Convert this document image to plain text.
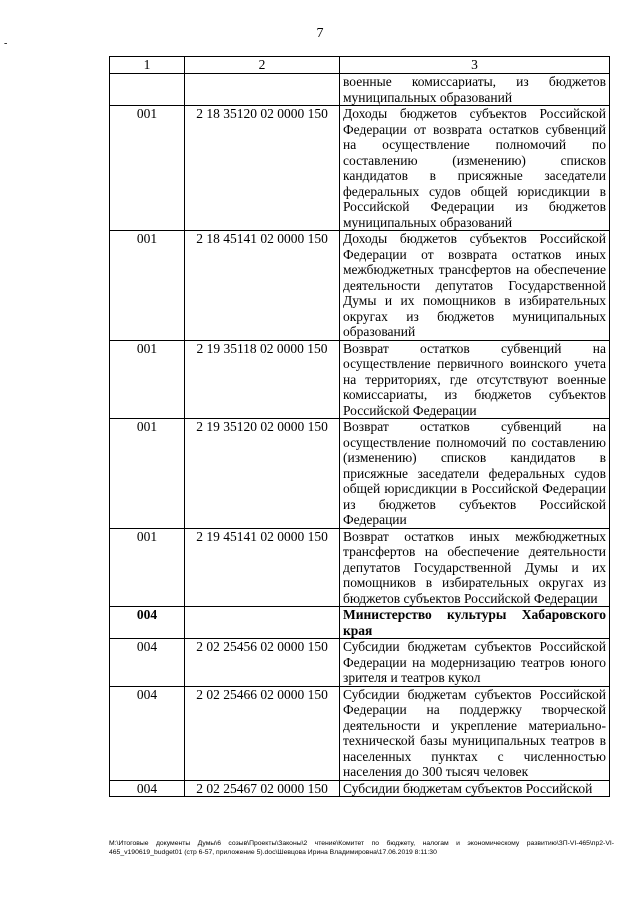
7
-
1	2	3
		военные комиссариаты, из бюджетов муниципальных образований
001	2 18 35120 02 0000 150	Доходы бюджетов субъектов Российской Федерации от возврата остатков субвенций на осуществление полномочий по составлению (изменению) списков кандидатов в присяжные заседатели федеральных судов общей юрисдикции в Российской Федерации из бюджетов муниципальных образований
001	2 18 45141 02 0000 150	Доходы бюджетов субъектов Российской Федерации от возврата остатков иных межбюджетных трансфертов на обеспечение деятельности депутатов Государственной Думы и их помощников в избирательных округах из бюджетов муниципальных образований
001	2 19 35118 02 0000 150	Возврат остатков субвенций на осуществление первичного воинского учета на территориях, где отсутствуют военные комиссариаты, из бюджетов субъектов Российской Федерации
001	2 19 35120 02 0000 150	Возврат остатков субвенций на осуществление полномочий по составлению (изменению) списков кандидатов в присяжные заседатели федеральных судов общей юрисдикции в Российской Федерации из бюджетов субъектов Российской Федерации
001	2 19 45141 02 0000 150	Возврат остатков иных межбюджетных трансфертов на обеспечение деятельности депутатов Государственной Думы и их помощников в избирательных округах из бюджетов субъектов Российской Федерации
004		Министерство культуры Хабаровского края
004	2 02 25456 02 0000 150	Субсидии бюджетам субъектов Российской Федерации на модернизацию театров юного зрителя и театров кукол
004	2 02 25466 02 0000 150	Субсидии бюджетам субъектов Российской Федерации на поддержку творческой деятельности и укрепление материально-технической базы муниципальных театров в населенных пунктах с численностью населения до 300 тысяч человек
004	2 02 25467 02 0000 150	Субсидии бюджетам субъектов Российской
M:\Итоговые документы Думы\6 созыв\Проекты\Законы\2 чтение\Комитет по бюджету, налогам и экономическому развитию\ЗП-VI-465\пр2-VI-465_v190619_budget01 (стр 6-57, приложение 5).doc\Шевцова Ирина Владимировна\17.06.2019 8:11:30
